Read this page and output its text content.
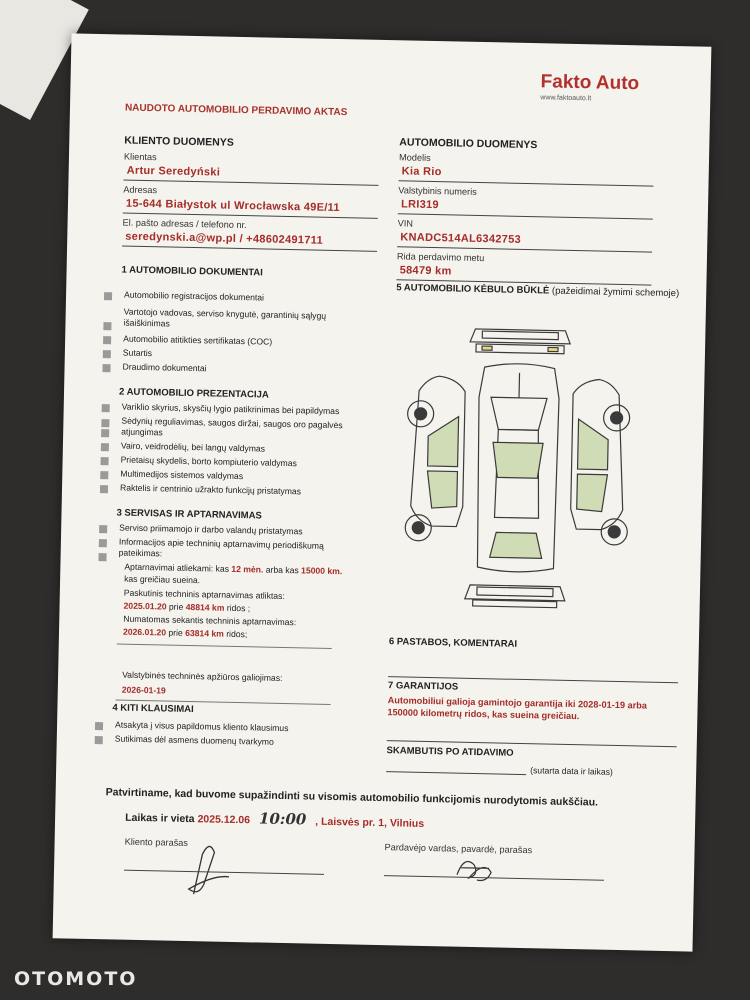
Fakto Auto
www.faktoauto.lt
NAUDOTO AUTOMOBILIO PERDAVIMO AKTAS
KLIENTO DUOMENYS
Klientas
Artur Seredyński
Adresas
15-644 Białystok ul Wrocławska 49E/11
El. pašto adresas / telefono nr.
seredynski.a@wp.pl / +48602491711
AUTOMOBILIO DUOMENYS
Modelis
Kia Rio
Valstybinis numeris
LRI319
VIN
KNADC514AL6342753
Rida perdavimo metu
58479 km
1 AUTOMOBILIO DOKUMENTAI
Automobilio registracijos dokumentai
Vartotojo vadovas, serviso knygutė, garantinių sąlygų išaiškinimas
Automobilio atitikties sertifikatas (COC)
Sutartis
Draudimo dokumentai
2 AUTOMOBILIO PREZENTACIJA
Variklio skyrius, skysčių lygio patikrinimas bei papildymas
Sėdynių reguliavimas, saugos diržai, saugos oro pagalvės atjungimas
Vairo, veidrodėlių, bei langų valdymas
Prietaisų skydelis, borto kompiuterio valdymas
Multimedijos sistemos valdymas
Raktelis ir centrinio užrakto funkcijų pristatymas
3 SERVISAS IR APTARNAVIMAS
Serviso priimamojo ir darbo valandų pristatymas
Informacijos apie techninių aptarnavimų periodiškumą pateikimas:
Aptarnavimai atliekami: kas 12 mėn. arba kas 15000 km.
kas greičiau sueina.
Paskutinis techninis aptarnavimas atliktas:
2025.01.20 prie 48814 km ridos ;
Numatomas sekantis techninis aptarnavimas:
2026.01.20 prie 63814 km ridos;
Valstybinės techninės apžiūros galiojimas:
2026-01-19
4 KITI KLAUSIMAI
Atsakyta į visus papildomus kliento klausimus
Sutikimas dėl asmens duomenų tvarkymo
5 AUTOMOBILIO KĖBULO BŪKLĖ (pažeidimai žymimi schemoje)
6 PASTABOS, KOMENTARAI
7 GARANTIJOS
Automobiliui galioja gamintojo garantija iki 2028-01-19 arba 150000 kilometrų ridos, kas sueina greičiau.
SKAMBUTIS PO ATIDAVIMO
(sutarta data ir laikas)
Patvirtiname, kad buvome supažindinti su visomis automobilio funkcijomis nurodytomis aukščiau.
Laikas ir vieta 2025.12.06 10:00 , Laisvės pr. 1, Vilnius
Kliento parašas	Pardavėjo vardas, pavardė, parašas
OTOMOTO
